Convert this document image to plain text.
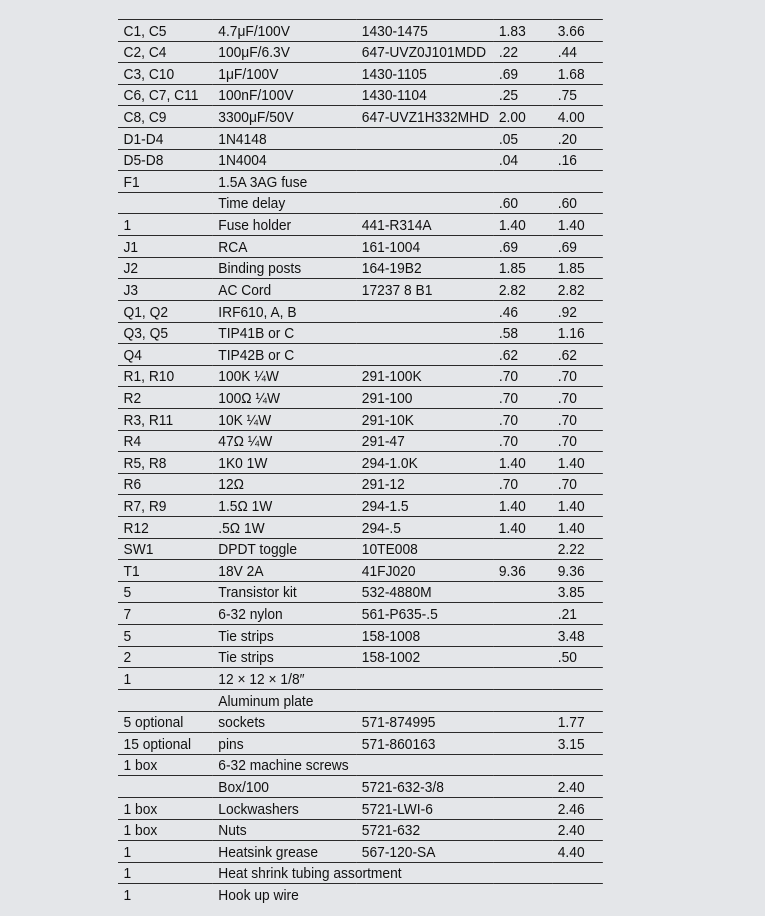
C1, C5	4.7μF/100V	1430-1475	1.83	3.66
C2, C4	100μF/6.3V	647-UVZ0J101MDD	.22	.44
C3, C10	1μF/100V	1430-1105	.69	1.68
C6, C7, C11	100nF/100V	1430-1104	.25	.75
C8, C9	3300μF/50V	647-UVZ1H332MHD	2.00	4.00
D1-D4	1N4148		.05	.20
D5-D8	1N4004		.04	.16
F1	1.5A 3AG fuse			
	Time delay		.60	.60
1	Fuse holder	441-R314A	1.40	1.40
J1	RCA	161-1004	.69	.69
J2	Binding posts	164-19B2	1.85	1.85
J3	AC Cord	17237 8 B1	2.82	2.82
Q1, Q2	IRF610, A, B		.46	.92
Q3, Q5	TIP41B or C		.58	1.16
Q4	TIP42B or C		.62	.62
R1, R10	100K ¼W	291-100K	.70	.70
R2	100Ω ¼W	291-100	.70	.70
R3, R11	10K ¼W	291-10K	.70	.70
R4	47Ω ¼W	291-47	.70	.70
R5, R8	1K0 1W	294-1.0K	1.40	1.40
R6	12Ω	291-12	.70	.70
R7, R9	1.5Ω 1W	294-1.5	1.40	1.40
R12	.5Ω 1W	294-.5	1.40	1.40
SW1	DPDT toggle	10TE008		2.22
T1	18V 2A	41FJ020	9.36	9.36
5	Transistor kit	532-4880M		3.85
7	6-32 nylon	561-P635-.5		.21
5	Tie strips	158-1008		3.48
2	Tie strips	158-1002		.50
1	12 × 12 × 1/8″			
	Aluminum plate			
5 optional	sockets	571-874995		1.77
15 optional	pins	571-860163		3.15
1 box	6-32 machine screws			
	Box/100	5721-632-3/8		2.40
1 box	Lockwashers	5721-LWI-6		2.46
1 box	Nuts	5721-632		2.40
1	Heatsink grease	567-120-SA		4.40
1	Heat shrink tubing assortment			
1	Hook up wire			
